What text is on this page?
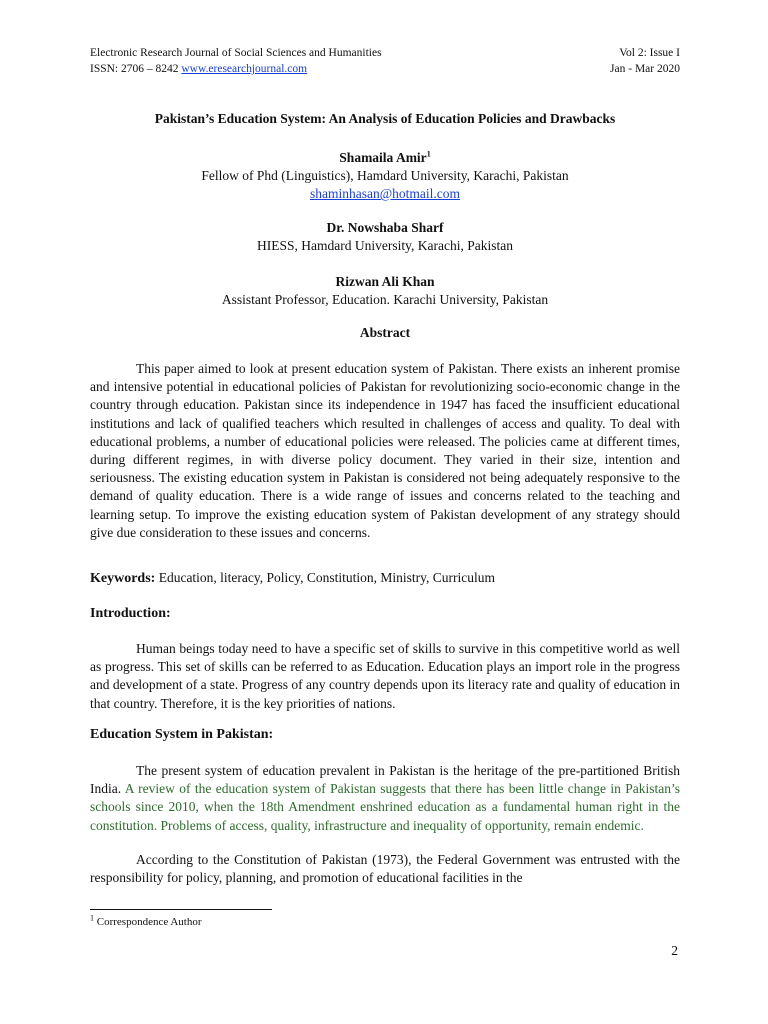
Electronic Research Journal of Social Sciences and Humanities
ISSN: 2706 – 8242 www.eresearchjournal.com
Vol 2: Issue I
Jan - Mar 2020
Pakistan’s Education System: An Analysis of Education Policies and Drawbacks
Shamaila Amir$^1$
Fellow of Phd (Linguistics), Hamdard University, Karachi, Pakistan
shaminhasan@hotmail.com
Dr. Nowshaba Sharf
HIESS, Hamdard University, Karachi, Pakistan
Rizwan Ali Khan
Assistant Professor, Education. Karachi University, Pakistan
Abstract

This paper aimed to look at present education system of Pakistan. There exists an inherent promise and intensive potential in educational policies of Pakistan for revolutionizing socio-economic change in the country through education. Pakistan since its independence in 1947 has faced the insufficient educational institutions and lack of qualified teachers which resulted in challenges of access and quality. To deal with educational problems, a number of educational policies were released. The policies came at different times, during different regimes, in with diverse policy document. They varied in their size, intention and seriousness. The existing education system in Pakistan is considered not being adequately responsive to the demand of quality education. There is a wide range of issues and concerns related to the teaching and learning setup. To improve the existing education system of Pakistan development of any strategy should give due consideration to these issues and concerns.

Keywords: Education, literacy, Policy, Constitution, Ministry, Curriculum
Introduction:

Human beings today need to have a specific set of skills to survive in this competitive world as well as progress. This set of skills can be referred to as Education. Education plays an import role in the progress and development of a state. Progress of any country depends upon its literacy rate and quality of education in that country. Therefore, it is the key priorities of nations.

Education System in Pakistan:

The present system of education prevalent in Pakistan is the heritage of the pre-partitioned British India. A review of the education system of Pakistan suggests that there has been little change in Pakistan’s schools since 2010, when the 18th Amendment enshrined education as a fundamental human right in the constitution. Problems of access, quality, infrastructure and inequality of opportunity, remain endemic.

According to the Constitution of Pakistan (1973), the Federal Government was entrusted with the responsibility for policy, planning, and promotion of educational facilities in the

$^1$ Correspondence Author
2
